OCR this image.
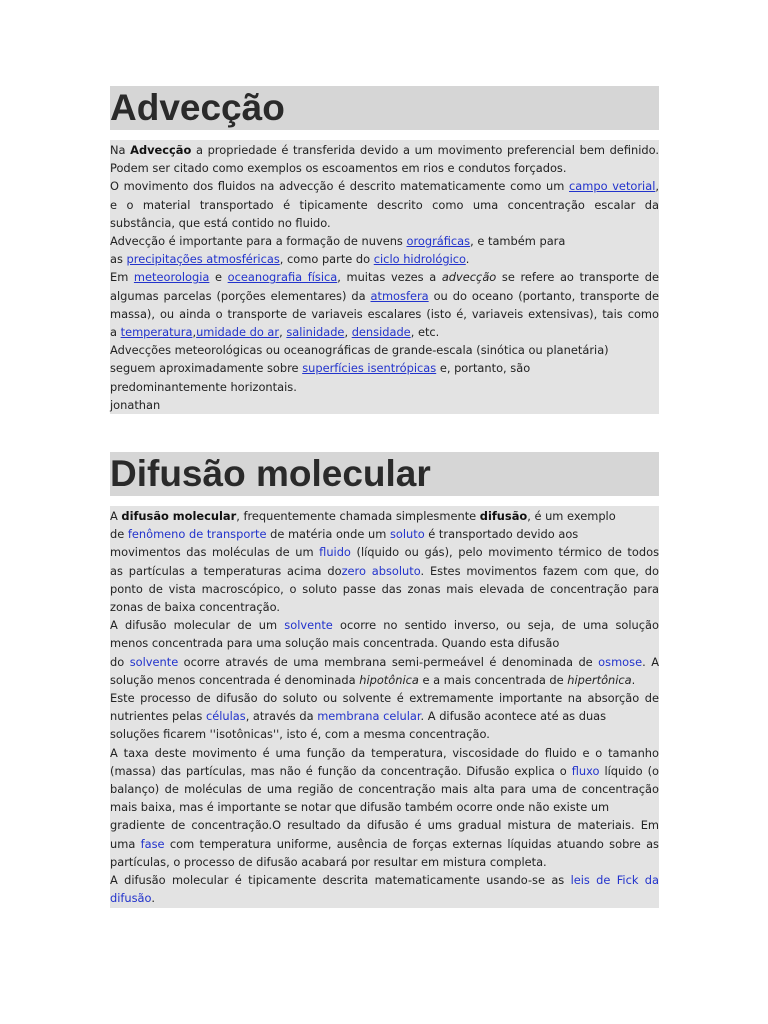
Advecção
Na Advecção a propriedade é transferida devido a um movimento preferencial bem definido.
Podem ser citado como exemplos os escoamentos em rios e condutos forçados.
O movimento dos fluidos na advecção é descrito matematicamente como um campo vetorial,
e o material transportado é tipicamente descrito como uma concentração escalar da
substância, que está contido no fluido.
Advecção é importante para a formação de nuvens orográficas, e também para
as precipitações atmosféricas, como parte do ciclo hidrológico.
Em meteorologia e oceanografia física, muitas vezes a advecção se refere ao transporte de
algumas parcelas (porções elementares) da atmosfera ou do oceano (portanto, transporte de
massa), ou ainda o transporte de variaveis escalares (isto é, variaveis extensivas), tais como
a temperatura,umidade do ar, salinidade, densidade, etc.
Advecções meteorológicas ou oceanográficas de grande-escala (sinótica ou planetária)
seguem aproximadamente sobre superfícies isentrópicas e, portanto, são
predominantemente horizontais.
jonathan
Difusão molecular
A difusão molecular, frequentemente chamada simplesmente difusão, é um exemplo
de fenômeno de transporte de matéria onde um soluto é transportado devido aos
movimentos das moléculas de um fluido (líquido ou gás), pelo movimento térmico de todos
as partículas a temperaturas acima dozero absoluto. Estes movimentos fazem com que, do
ponto de vista macroscópico, o soluto passe das zonas mais elevada de concentração para
zonas de baixa concentração.
A difusão molecular de um solvente ocorre no sentido inverso, ou seja, de uma solução
menos concentrada para uma solução mais concentrada. Quando esta difusão
do solvente ocorre através de uma membrana semi-permeável é denominada de osmose. A
solução menos concentrada é denominada hipotônica e a mais concentrada de hipertônica.
Este processo de difusão do soluto ou solvente é extremamente importante na absorção de
nutrientes pelas células, através da membrana celular. A difusão acontece até as duas
soluções ficarem ''isotônicas'', isto é, com a mesma concentração.
A taxa deste movimento é uma função da temperatura, viscosidade do fluido e o tamanho
(massa) das partículas, mas não é função da concentração. Difusão explica o fluxo líquido (o
balanço) de moléculas de uma região de concentração mais alta para uma de concentração
mais baixa, mas é importante se notar que difusão também ocorre onde não existe um
gradiente de concentração.O resultado da difusão é ums gradual mistura de materiais. Em
uma fase com temperatura uniforme, ausência de forças externas líquidas atuando sobre as
partículas, o processo de difusão acabará por resultar em mistura completa.
A difusão molecular é tipicamente descrita matematicamente usando-se as leis de Fick da
difusão.
